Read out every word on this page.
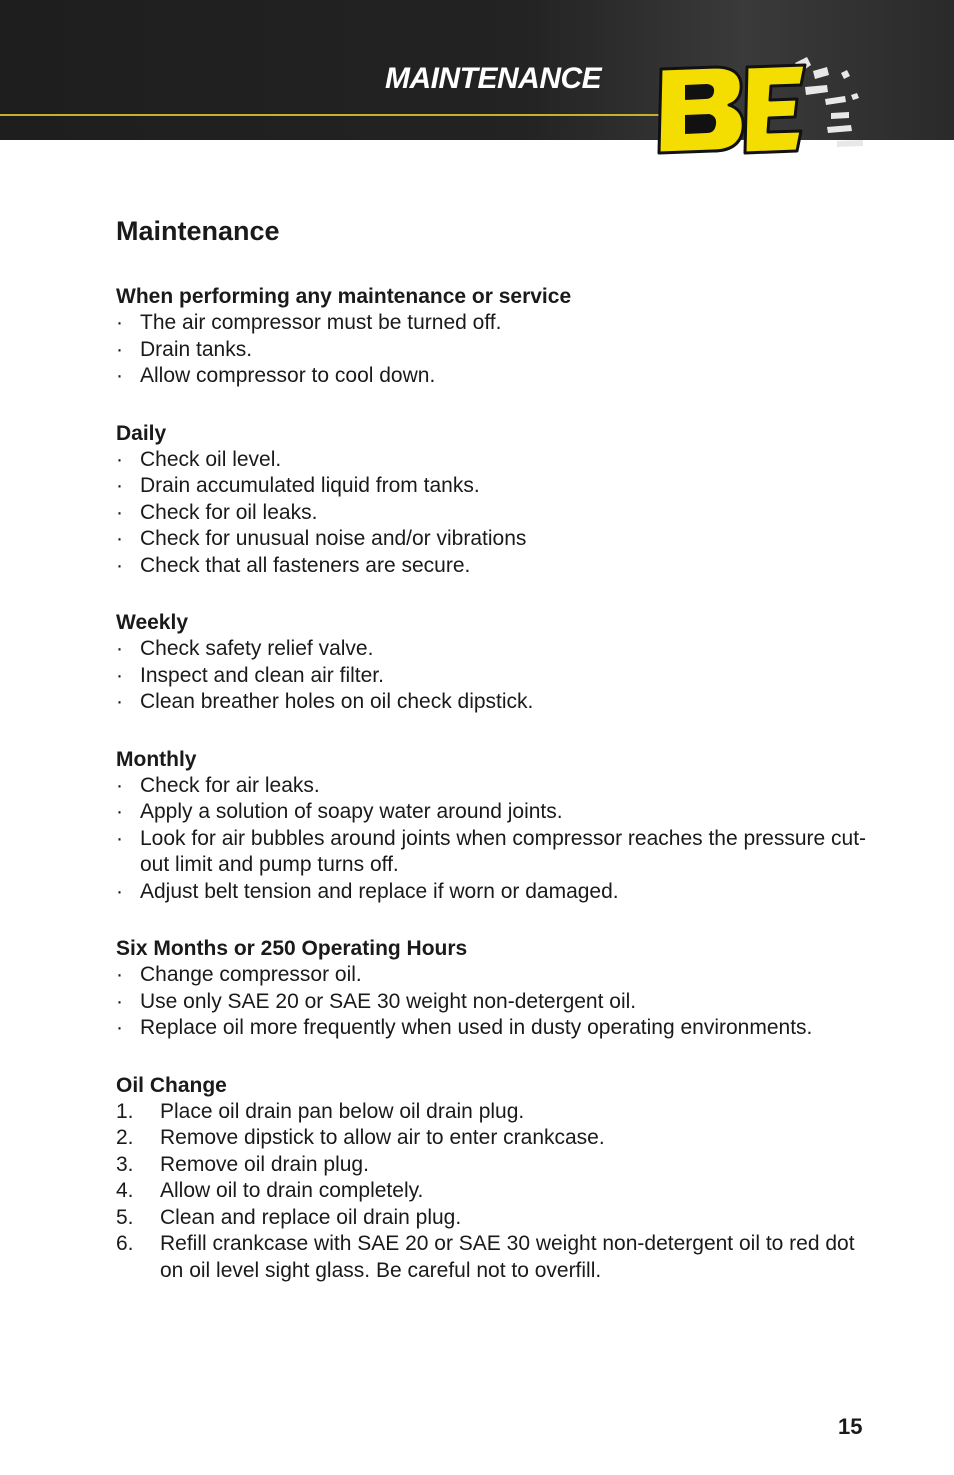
MAINTENANCE
BE
Maintenance
When performing any maintenance or service
· The air compressor must be turned off.
· Drain tanks.
· Allow compressor to cool down.
Daily
· Check oil level.
· Drain accumulated liquid from tanks.
· Check for oil leaks.
· Check for unusual noise and/or vibrations
· Check that all fasteners are secure.
Weekly
· Check safety relief valve.
· Inspect and clean air filter.
· Clean breather holes on oil check dipstick.
Monthly
· Check for air leaks.
· Apply a solution of soapy water around joints.
· Look for air bubbles around joints when compressor reaches the pressure cut-out limit and pump turns off.
· Adjust belt tension and replace if worn or damaged.
Six Months or 250 Operating Hours
· Change compressor oil.
· Use only SAE 20 or SAE 30 weight non-detergent oil.
· Replace oil more frequently when used in dusty operating environments.
Oil Change
1.	Place oil drain pan below oil drain plug.
2.	Remove dipstick to allow air to enter crankcase.
3.	Remove oil drain plug.
4.	Allow oil to drain completely.
5.	Clean and replace oil drain plug.
6.	Refill crankcase with SAE 20 or SAE 30 weight non-detergent oil to red dot on oil level sight glass. Be careful not to overfill.
15
